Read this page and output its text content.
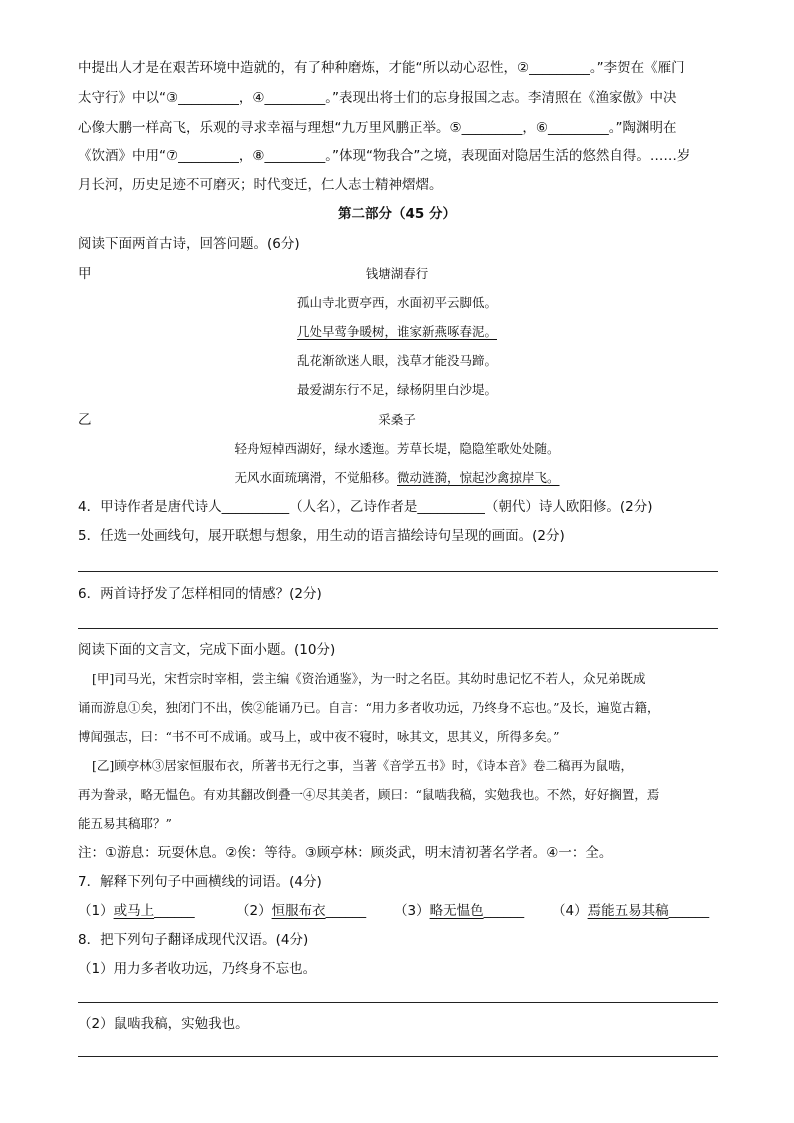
中提出人才是在艰苦环境中造就的，有了种种磨炼，才能“所以动心忍性，②_________。”李贺在《雁门
太守行》中以“③_________，④_________。”表现出将士们的忘身报国之志。李清照在《渔家傲》中决
心像大鹏一样高飞，乐观的寻求幸福与理想“九万里风鹏正举。⑤_________，⑥_________。”陶渊明在
《饮酒》中用“⑦_________，⑧_________。”体现“物我合”之境，表现面对隐居生活的悠然自得。……岁
月长河，历史足迹不可磨灭；时代变迁，仁人志士精神熠熠。
第二部分（45 分）
阅读下面两首古诗，回答问题。(6分)
甲	钱塘湖春行
孤山寺北贾亭西，水面初平云脚低。
几处早莺争暖树，谁家新燕啄春泥。
乱花渐欲迷人眼，浅草才能没马蹄。
最爱湖东行不足，绿杨阴里白沙堤。
乙	采桑子
轻舟短棹西湖好，绿水逶迤。芳草长堤，隐隐笙歌处处随。
无风水面琉璃滑，不觉船移。微动涟漪，惊起沙禽掠岸飞。
4．甲诗作者是唐代诗人__________（人名），乙诗作者是__________（朝代）诗人欧阳修。(2分)
5．任选一处画线句，展开联想与想象，用生动的语言描绘诗句呈现的画面。(2分)
6．两首诗抒发了怎样相同的情感？(2分)
阅读下面的文言文，完成下面小题。(10分)
[甲]司马光，宋哲宗时宰相，尝主编《资治通鉴》，为一时之名臣。其幼时患记忆不若人，众兄弟既成
诵而游息①矣，独闭门不出，俟②能诵乃已。自言：“用力多者收功远，乃终身不忘也。”及长，遍览古籍，
博闻强志，曰：“书不可不成诵。或马上，或中夜不寝时，咏其文，思其义，所得多矣。”
[乙]顾亭林③居家恒服布衣，所著书无行之事，当著《音学五书》时，《诗本音》卷二稿再为鼠啮，
再为誊录，略无愠色。有劝其翻改倒叠一④尽其美者，顾曰：“鼠啮我稿，实勉我也。不然，好好搁置，焉
能五易其稿耶？”
注：①游息：玩耍休息。②俟：等待。③顾亭林：顾炎武，明末清初著名学者。④一：全。
7．解释下列句子中画横线的词语。(4分)
（1）或马上______	（2）恒服布衣______ （3）略无愠色______ （4）焉能五易其稿______
8．把下列句子翻译成现代汉语。(4分)
（1）用力多者收功远，乃终身不忘也。
（2）鼠啮我稿，实勉我也。
